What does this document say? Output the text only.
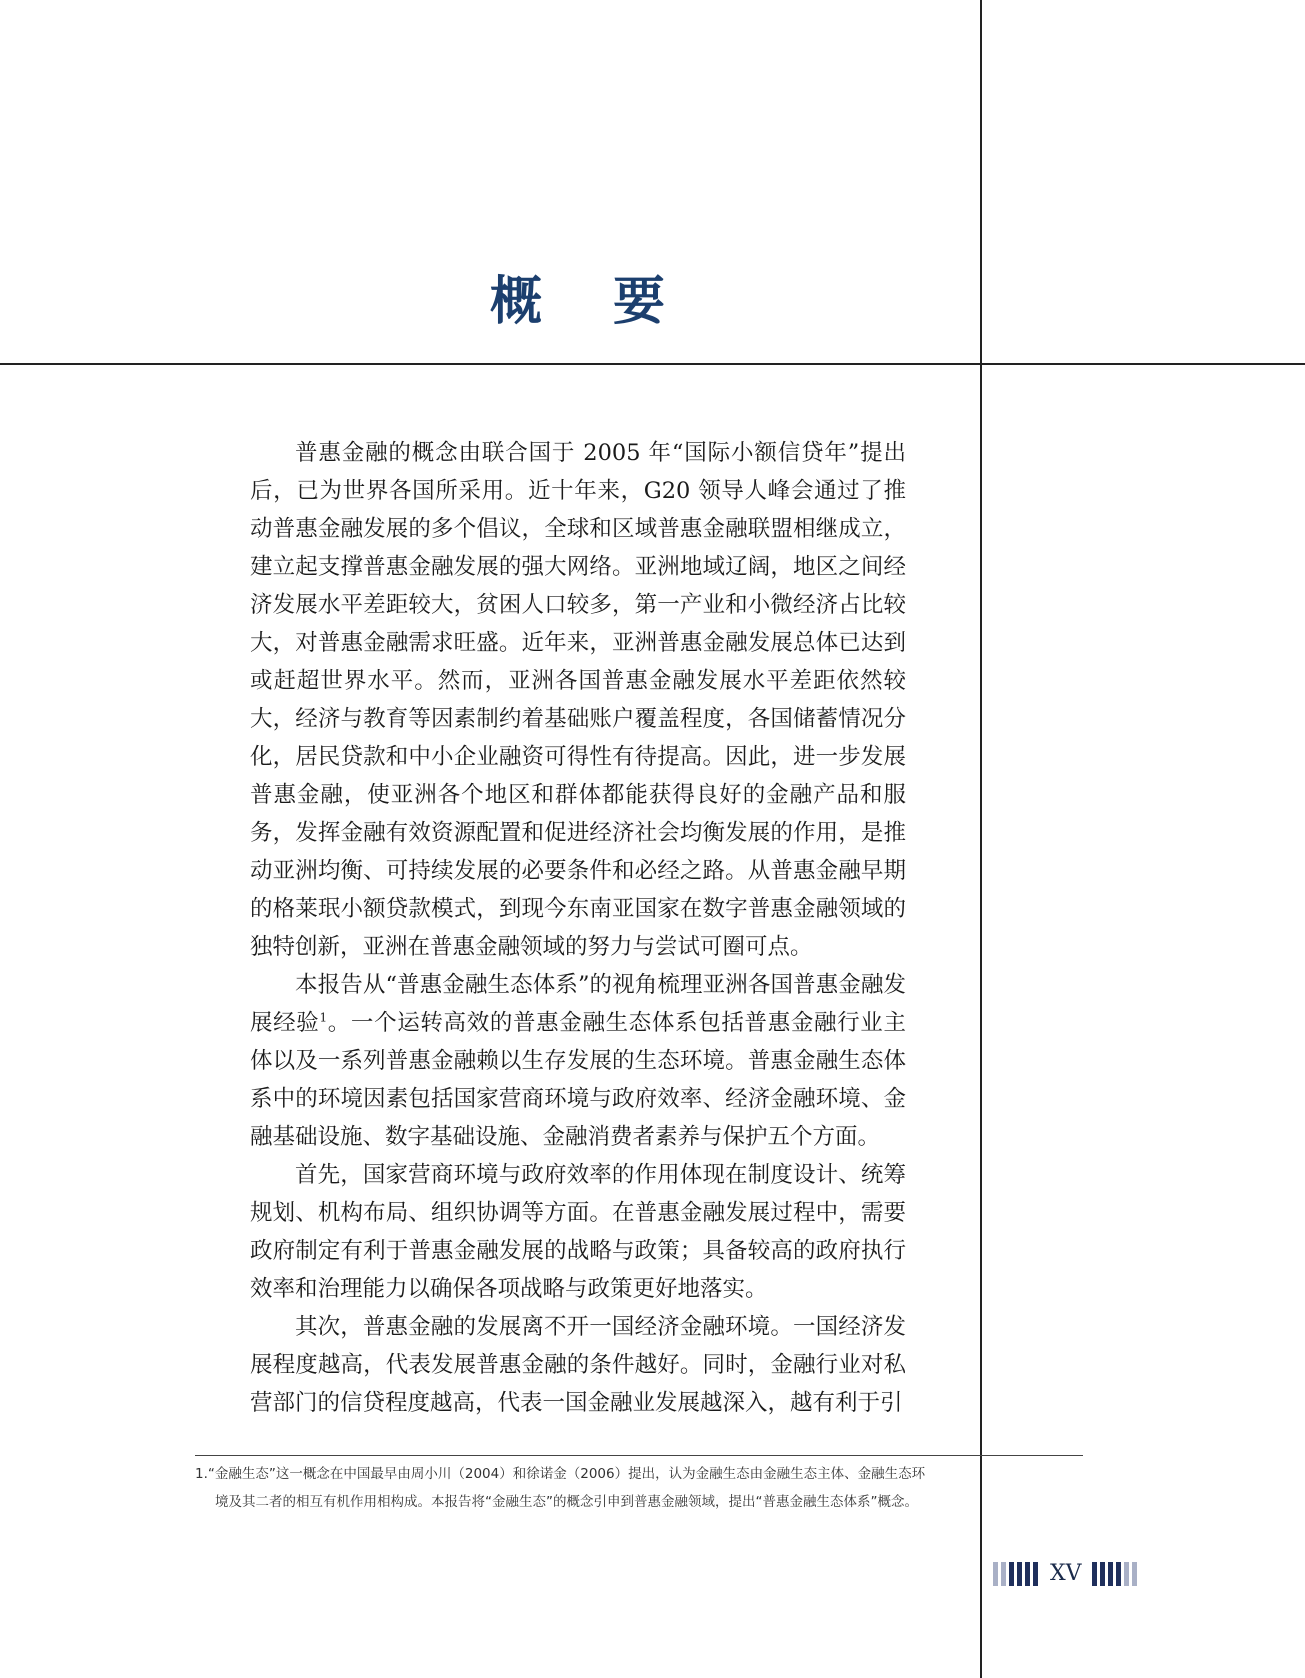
概 要

普惠金融的概念由联合国于 2005 年“国际小额信贷年”提出后，已为世界各国所采用。近十年来，G20 领导人峰会通过了推动普惠金融发展的多个倡议，全球和区域普惠金融联盟相继成立，建立起支撑普惠金融发展的强大网络。亚洲地域辽阔，地区之间经济发展水平差距较大，贫困人口较多，第一产业和小微经济占比较大，对普惠金融需求旺盛。近年来，亚洲普惠金融发展总体已达到或赶超世界水平。然而，亚洲各国普惠金融发展水平差距依然较大，经济与教育等因素制约着基础账户覆盖程度，各国储蓄情况分化，居民贷款和中小企业融资可得性有待提高。因此，进一步发展普惠金融，使亚洲各个地区和群体都能获得良好的金融产品和服务，发挥金融有效资源配置和促进经济社会均衡发展的作用，是推动亚洲均衡、可持续发展的必要条件和必经之路。从普惠金融早期的格莱珉小额贷款模式，到现今东南亚国家在数字普惠金融领域的独特创新，亚洲在普惠金融领域的努力与尝试可圈可点。

本报告从“普惠金融生态体系”的视角梳理亚洲各国普惠金融发展经验$^1$。一个运转高效的普惠金融生态体系包括普惠金融行业主体以及一系列普惠金融赖以生存发展的生态环境。普惠金融生态体系中的环境因素包括国家营商环境与政府效率、经济金融环境、金融基础设施、数字基础设施、金融消费者素养与保护五个方面。

首先，国家营商环境与政府效率的作用体现在制度设计、统筹规划、机构布局、组织协调等方面。在普惠金融发展过程中，需要政府制定有利于普惠金融发展的战略与政策；具备较高的政府执行效率和治理能力以确保各项战略与政策更好地落实。

其次，普惠金融的发展离不开一国经济金融环境。一国经济发展程度越高，代表发展普惠金融的条件越好。同时，金融行业对私营部门的信贷程度越高，代表一国金融业发展越深入，越有利于引

1.“金融生态”这一概念在中国最早由周小川（2004）和徐诺金（2006）提出，认为金融生态由金融生态主体、金融生态环境及其二者的相互有机作用相构成。本报告将“金融生态”的概念引申到普惠金融领域，提出“普惠金融生态体系”概念。

XV
